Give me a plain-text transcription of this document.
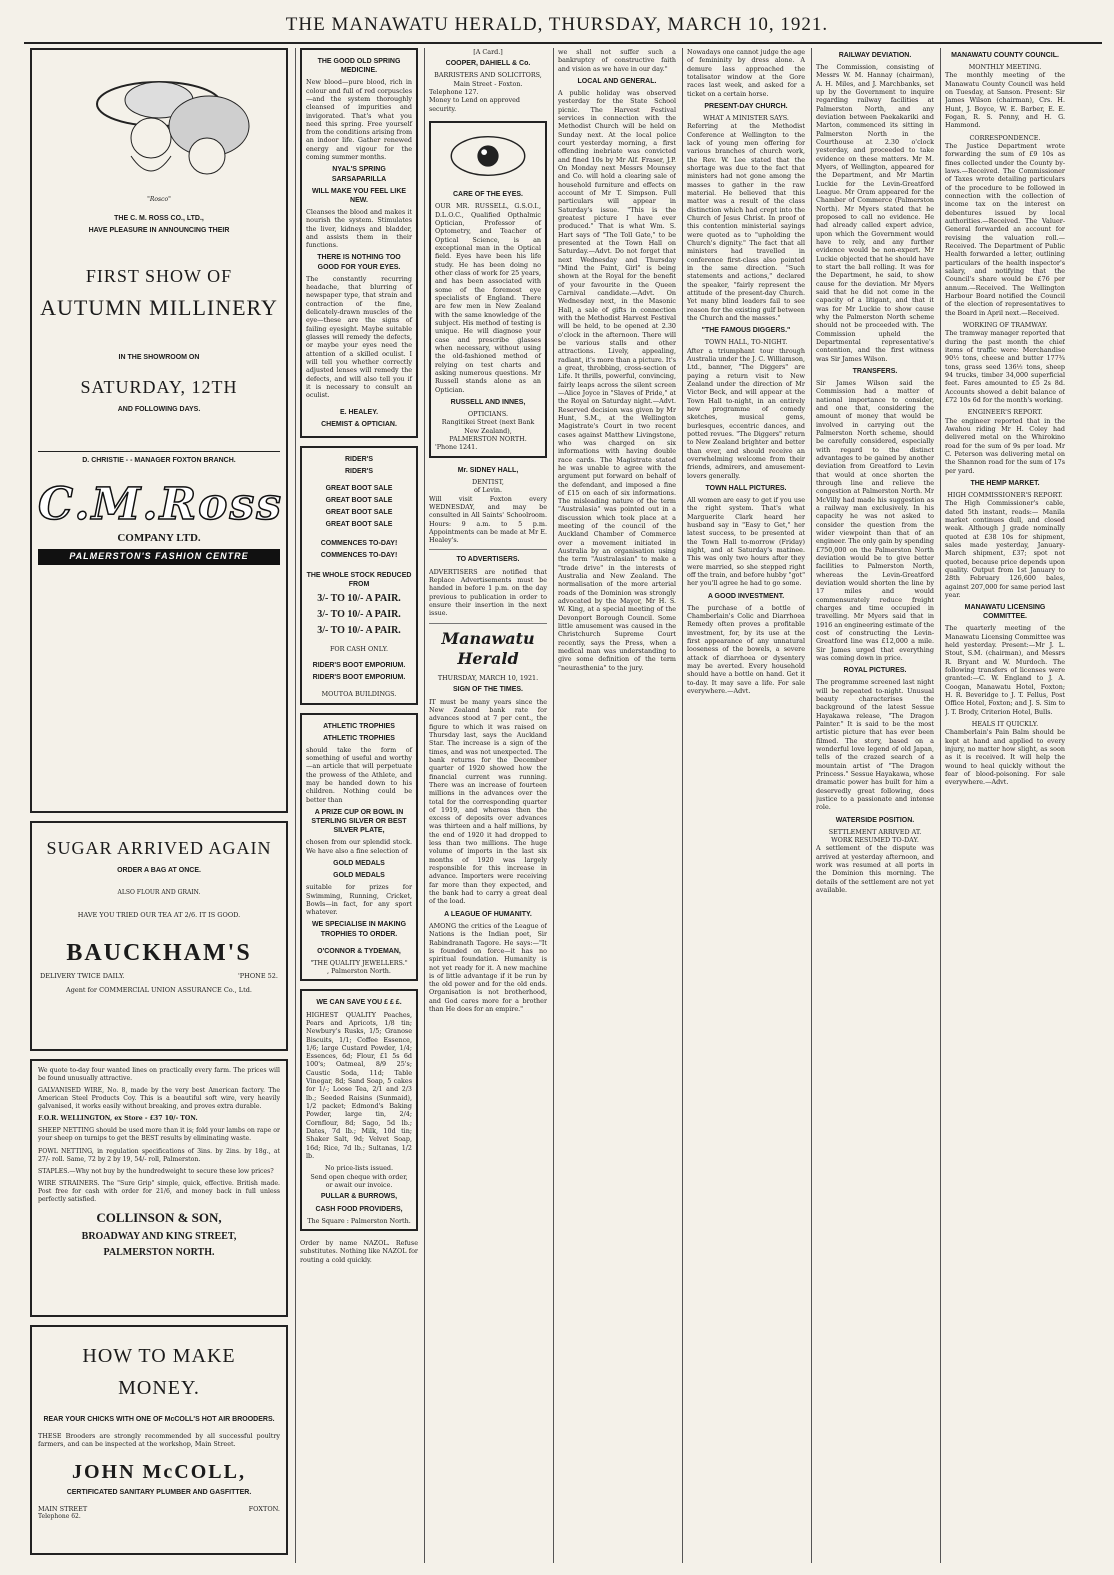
THE MANAWATU HERALD, THURSDAY, MARCH 10, 1921.
"Rosco"
THE C. M. ROSS CO., LTD.,
HAVE PLEASURE IN ANNOUNCING THEIR
FIRST SHOW OF
AUTUMN MILLINERY
IN THE SHOWROOM ON
SATURDAY, 12TH
AND FOLLOWING DAYS.
D. CHRISTIE - - MANAGER FOXTON BRANCH.
C.M.Ross
COMPANY LTD.
PALMERSTON'S FASHION CENTRE
SUGAR ARRIVED AGAIN
ORDER A BAG AT ONCE.
ALSO FLOUR AND GRAIN.
HAVE YOU TRIED OUR TEA AT 2/6. IT IS GOOD.
BAUCKHAM'S
DELIVERY TWICE DAILY.	'PHONE 52.
Agent for COMMERCIAL UNION ASSURANCE Co., Ltd.
We quote to-day four wanted lines on practically every farm. The prices will be found unusually attractive.
GALVANISED WIRE, No. 8, made by the very best American factory. The American Steel Products Coy. This is a beautiful soft wire, very heavily galvanised, it works easily without breaking, and proves extra durable.
F.O.R. WELLINGTON, ex Store - £37 10/- TON.
SHEEP NETTING should be used more than it is; fold your lambs on rape or your sheep on turnips to get the BEST results by eliminating waste.
FOWL NETTING, in regulation specifications of 3ins. by 2ins. by 18g., at 27/- roll. Same, 72 by 2 by 19, 54/- roll, Palmerston.
STAPLES.—Why not buy by the hundredweight to secure these low prices?
WIRE STRAINERS. The "Sure Grip" simple, quick, effective. British made. Post free for cash with order for 21/6, and money back in full unless perfectly satisfied.
COLLINSON & SON,
BROADWAY AND KING STREET,
PALMERSTON NORTH.
HOW TO MAKE
MONEY.
REAR YOUR CHICKS WITH ONE OF McCOLL'S HOT AIR BROODERS.
THESE Brooders are strongly recommended by all successful poultry farmers, and can be inspected at the workshop, Main Street.
JOHN McCOLL,
CERTIFICATED SANITARY PLUMBER AND GASFITTER.
MAIN STREET	FOXTON.
Telephone 62.
THE GOOD OLD SPRING MEDICINE.
New blood—pure blood, rich in colour and full of red corpuscles—and the system thoroughly cleansed of impurities and invigorated. That's what you need this spring. Free yourself from the conditions arising from an indoor life. Gather renewed energy and vigour for the coming summer months.
NYAL'S SPRING SARSAPARILLA
WILL MAKE YOU FEEL LIKE NEW.
Cleanses the blood and makes it nourish the system. Stimulates the liver, kidneys and bladder, and assists them in their functions.
THERE IS NOTHING TOO GOOD FOR YOUR EYES.
The constantly recurring headache, that blurring of newspaper type, that strain and contraction of the fine, delicately-drawn muscles of the eye—these are the signs of failing eyesight. Maybe suitable glasses will remedy the defects, or maybe your eyes need the attention of a skilled oculist. I will tell you whether correctly adjusted lenses will remedy the defects, and will also tell you if it is necessary to consult an oculist.
E. HEALEY.
CHEMIST & OPTICIAN.
RIDER'S
RIDER'S
GREAT BOOT SALE
GREAT BOOT SALE
GREAT BOOT SALE
GREAT BOOT SALE
COMMENCES TO-DAY!
COMMENCES TO-DAY!
THE WHOLE STOCK REDUCED FROM
3/- TO 10/- A PAIR.
3/- TO 10/- A PAIR.
3/- TO 10/- A PAIR.
FOR CASH ONLY.
RIDER'S BOOT EMPORIUM.
RIDER'S BOOT EMPORIUM.
MOUTOA BUILDINGS.
ATHLETIC TROPHIES
ATHLETIC TROPHIES
should take the form of something of useful and worthy—an article that will perpetuate the prowess of the Athlete, and may be handed down to his children. Nothing could be better than
A PRIZE CUP OR BOWL IN STERLING SILVER OR BEST SILVER PLATE,
chosen from our splendid stock. We have also a fine selection of
GOLD MEDALS
GOLD MEDALS
suitable for prizes for Swimming, Running, Cricket, Bowls—in fact, for any sport whatever.
WE SPECIALISE IN MAKING TROPHIES TO ORDER.
O'CONNOR & TYDEMAN,
"THE QUALITY JEWELLERS."
, Palmerston North.
WE CAN SAVE YOU £ £ £.
HIGHEST QUALITY Peaches, Pears and Apricots, 1/8 tin; Newbury's Rusks, 1/5; Granose Biscuits, 1/1; Coffee Essence, 1/6; large Custard Powder, 1/4; Essences, 6d; Flour, £1 5s 6d 100's; Oatmeal, 8/9 25's; Caustic Soda, 11d; Table Vinegar, 8d; Sand Soap, 5 cakes for 1/-; Loose Tea, 2/1 and 2/3 lb.; Seeded Raisins (Sunmaid), 1/2 packet; Edmond's Baking Powder, large tin, 2/4; Cornflour, 8d; Sago, 5d lb.; Dates, 7d lb.; Milk, 10d tin; Shaker Salt, 9d; Velvet Soap, 16d; Rice, 7d lb.; Sultanas, 1/2 lb.
No price-lists issued.
Send open cheque with order, or await our invoice.
PULLAR & BURROWS,
CASH FOOD PROVIDERS,
The Square : Palmerston North.
Order by name NAZOL. Refuse substitutes. Nothing like NAZOL for routing a cold quickly.
[A Card.]
COOPER, DAHIELL & Co.
BARRISTERS AND SOLICITORS,
Main Street - Foxton.
Telephone 127.
Money to Lend on approved security.
CARE OF THE EYES.
OUR MR. RUSSELL, G.S.O.I., D.L.O.C., Qualified Opthalmic Optician, Professor of Optometry, and Teacher of Optical Science, is an exceptional man in the Optical field. Eyes have been his life study. He has been doing no other class of work for 25 years, and has been associated with some of the foremost eye specialists of England. There are few men in New Zealand with the same knowledge of the subject. His method of testing is unique. He will diagnose your case and prescribe glasses when necessary, without using the old-fashioned method of relying on test charts and asking numerous questions. Mr Russell stands alone as an Optician.
RUSSELL AND INNES,
OPTICIANS.
Rangitikei Street (next Bank New Zealand),
PALMERSTON NORTH.
'Phone 1241.
Mr. SIDNEY HALL,
DENTIST,
of Levin.
Will visit Foxton every WEDNESDAY, and may be consulted in All Saints' Schoolroom. Hours: 9 a.m. to 5 p.m. Appointments can be made at Mr E. Healey's.
TO ADVERTISERS.
ADVERTISERS are notified that Replace Advertisements must be handed in before 1 p.m. on the day previous to publication in order to ensure their insertion in the next issue.
Manawatu Herald
THURSDAY, MARCH 10, 1921.
SIGN OF THE TIMES.
IT must be many years since the New Zealand bank rate for advances stood at 7 per cent., the figure to which it was raised on Thursday last, says the Auckland Star. The increase is a sign of the times, and was not unexpected. The bank returns for the December quarter of 1920 showed how the financial current was running. There was an increase of fourteen millions in the advances over the total for the corresponding quarter of 1919, and whereas then the excess of deposits over advances was thirteen and a half millions, by the end of 1920 it had dropped to less than two millions. The huge volume of imports in the last six months of 1920 was largely responsible for this increase in advance. Importers were receiving far more than they expected, and the bank had to carry a great deal of the load.
A LEAGUE OF HUMANITY.
AMONG the critics of the League of Nations is the Indian poet, Sir Rabindranath Tagore. He says:—"It is founded on force—it has no spiritual foundation. Humanity is not yet ready for it. A new machine is of little advantage if it be run by the old power and for the old ends. Organisation is not brotherhood, and God cares more for a brother than He does for an empire."
we shall not suffer such a bankruptcy of constructive faith and vision as we have in our day."
LOCAL AND GENERAL.
A public holiday was observed yesterday for the State School picnic. The Harvest Festival services in connection with the Methodist Church will be held on Sunday next. At the local police court yesterday morning, a first offending inebriate was convicted and fined 10s by Mr Alf. Fraser, J.P. On Monday next Messrs Mounsey and Co. will hold a clearing sale of household furniture and effects on account of Mr T. Simpson. Full particulars will appear in Saturday's issue. "This is the greatest picture I have ever produced." That is what Wm. S. Hart says of "The Toll Gate," to be presented at the Town Hall on Saturday.—Advt. Do not forget that next Wednesday and Thursday "Mind the Paint, Girl" is being shown at the Royal for the benefit of your favourite in the Queen Carnival candidate.—Advt. On Wednesday next, in the Masonic Hall, a sale of gifts in connection with the Methodist Harvest Festival will be held, to be opened at 2.30 o'clock in the afternoon. There will be various stalls and other attractions. Lively, appealing, radiant, it's more than a picture. It's a great, throbbing, cross-section of Life. It thrills, powerful, convincing, fairly leaps across the silent screen—Alice Joyce in "Slaves of Pride," at the Royal on Saturday night.—Advt. Reserved decision was given by Mr Hunt, S.M., at the Wellington Magistrate's Court in two recent cases against Matthew Livingstone, who was charged on six informations with having double race cards. The Magistrate stated he was unable to agree with the argument put forward on behalf of the defendant, and imposed a fine of £15 on each of six informations. The misleading nature of the term "Australasia" was pointed out in a discussion which took place at a meeting of the council of the Auckland Chamber of Commerce over a movement initiated in Australia by an organisation using the term "Australasian" to make a "trade drive" in the interests of Australia and New Zealand. The normalisation of the more arterial roads of the Dominion was strongly advocated by the Mayor, Mr H. S. W. King, at a special meeting of the Devonport Borough Council. Some little amusement was caused in the Christchurch Supreme Court recently, says the Press, when a medical man was understanding to give some definition of the term "neurasthenia" to the jury.
Nowadays one cannot judge the age of femininity by dress alone. A demure lass approached the totalisator window at the Gore races last week, and asked for a ticket on a certain horse.
PRESENT-DAY CHURCH.
WHAT A MINISTER SAYS.
Referring at the Methodist Conference at Wellington to the lack of young men offering for various branches of church work, the Rev. W. Lee stated that the shortage was due to the fact that ministers had not gone among the masses to gather in the raw material. He believed that this matter was a result of the class distinction which had crept into the Church of Jesus Christ. In proof of this contention ministerial sayings were quoted as to "upholding the Church's dignity." The fact that all ministers had travelled in conference first-class also pointed in the same direction. "Such statements and actions," declared the speaker, "fairly represent the attitude of the present-day Church. Yet many blind leaders fail to see reason for the existing gulf between the Church and the masses."
"THE FAMOUS DIGGERS."
TOWN HALL, TO-NIGHT.
After a triumphant tour through Australia under the J. C. Williamson, Ltd., banner, "The Diggers" are paying a return visit to New Zealand under the direction of Mr Victor Beck, and will appear at the Town Hall to-night, in an entirely new programme of comedy sketches, musical gems, burlesques, eccentric dances, and potted revues. "The Diggers" return to New Zealand brighter and better than ever, and should receive an overwhelming welcome from their friends, admirers, and amusement-lovers generally.
TOWN HALL PICTURES.
All women are easy to get if you use the right system. That's what Marguerite Clark heard her husband say in "Easy to Get," her latest success, to be presented at the Town Hall to-morrow (Friday) night, and at Saturday's matinee. This was only two hours after they were married, so she stepped right off the train, and before hubby "got" her you'll agree he had to go some.
A GOOD INVESTMENT.
The purchase of a bottle of Chamberlain's Colic and Diarrhoea Remedy often proves a profitable investment, for, by its use at the first appearance of any unnatural looseness of the bowels, a severe attack of diarrhoea or dysentery may be averted. Every household should have a bottle on hand. Get it to-day. It may save a life. For sale everywhere.—Advt.
RAILWAY DEVIATION.
The Commission, consisting of Messrs W. M. Hannay (chairman), A. H. Miles, and J. Marchbanks, set up by the Government to inquire regarding railway facilities at Palmerston North, and any deviation between Paekakariki and Marton, commenced its sitting in Palmerston North in the Courthouse at 2.30 o'clock yesterday, and proceeded to take evidence on these matters. Mr M. Myers, of Wellington, appeared for the Department, and Mr Martin Luckie for the Levin-Greatford League. Mr Oram appeared for the Chamber of Commerce (Palmerston North). Mr Myers stated that he proposed to call no evidence. He had already called expert advice, upon which the Government would have to rely, and any further evidence would be non-expert. Mr Luckie objected that he should have to start the ball rolling. It was for the Department, he said, to show cause for the deviation. Mr Myers said that he did not come in the capacity of a litigant, and that it was for Mr Luckie to show cause why the Palmerston North scheme should not be proceeded with. The Commission upheld the Departmental representative's contention, and the first witness was Sir James Wilson.
TRANSFERS.
Sir James Wilson said the Commission had a matter of national importance to consider, and one that, considering the amount of money that would be involved in carrying out the Palmerston North scheme, should be carefully considered, especially with regard to the distinct advantages to be gained by another deviation from Greatford to Levin that would at once shorten the through line and relieve the congestion at Palmerston North. Mr McVilly had made his suggestion as a railway man exclusively. In his capacity he was not asked to consider the question from the wider viewpoint than that of an engineer. The only gain by spending £750,000 on the Palmerston North deviation would be to give better facilities to Palmerston North, whereas the Levin-Greatford deviation would shorten the line by 17 miles and would commensurately reduce freight charges and time occupied in travelling. Mr Myers said that in 1916 an engineering estimate of the cost of constructing the Levin-Greatford line was £12,000 a mile. Sir James urged that everything was coming down in price.
ROYAL PICTURES.
The programme screened last night will be repeated to-night. Unusual beauty characterises the background of the latest Sessue Hayakawa release, "The Dragon Painter." It is said to be the most artistic picture that has ever been filmed. The story, based on a wonderful love legend of old Japan, tells of the crazed search of a mountain artist of "The Dragon Princess." Sessue Hayakawa, whose dramatic power has built for him a deservedly great following, does justice to a passionate and intense role.
WATERSIDE POSITION.
SETTLEMENT ARRIVED AT.
WORK RESUMED TO-DAY.
A settlement of the dispute was arrived at yesterday afternoon, and work was resumed at all ports in the Dominion this morning. The details of the settlement are not yet available.
MANAWATU COUNTY COUNCIL.
MONTHLY MEETING.
The monthly meeting of the Manawatu County Council was held on Tuesday, at Sanson. Present: Sir James Wilson (chairman), Crs. H. Hunt, J. Boyce, W. E. Barber, E. E. Fogan, R. S. Penny, and H. G. Hammond.
CORRESPONDENCE.
The Justice Department wrote forwarding the sum of £9 10s as fines collected under the County by-laws.—Received. The Commissioner of Taxes wrote detailing particulars of the procedure to be followed in connection with the collection of income tax on the interest on debentures issued by local authorities.—Received. The Valuer-General forwarded an account for revising the valuation roll.—Received. The Department of Public Health forwarded a letter, outlining particulars of the health inspector's salary, and notifying that the Council's share would be £76 per annum.—Received. The Wellington Harbour Board notified the Council of the election of representatives to the Board in April next.—Received.
WORKING OF TRAMWAY.
The tramway manager reported that during the past month the chief items of traffic were: Merchandise 90½ tons, cheese and butter 177¾ tons, grass seed 136½ tons, sheep 94 trucks, timber 34,000 superficial feet. Fares amounted to £5 2s 8d. Accounts showed a debit balance of £72 10s 6d for the month's working.
ENGINEER'S REPORT.
The engineer reported that in the Awahou riding Mr H. Coley had delivered metal on the Whirokino road for the sum of 9s per load. Mr C. Peterson was delivering metal on the Shannon road for the sum of 17s per yard.
THE HEMP MARKET.
HIGH COMMISSIONER'S REPORT.
The High Commissioner's cable, dated 5th instant, reads:— Manila market continues dull, and closed weak. Although J grade nominally quoted at £38 10s for shipment, sales made yesterday, January-March shipment, £37; spot not quoted, because price depends upon quality. Output from 1st January to 28th February 126,600 bales, against 207,000 for same period last year.
MANAWATU LICENSING COMMITTEE.
The quarterly meeting of the Manawatu Licensing Committee was held yesterday. Present:—Mr J. L. Stout, S.M. (chairman), and Messrs R. Bryant and W. Murdoch. The following transfers of licenses were granted:—C. W. England to J. A. Coogan, Manawatu Hotel, Foxton; H. R. Beveridge to J. T. Fellus, Post Office Hotel, Foxton; and J. S. Sim to J. T. Brody, Criterion Hotel, Bulls.
HEALS IT QUICKLY.
Chamberlain's Pain Balm should be kept at hand and applied to every injury, no matter how slight, as soon as it is received. It will help the wound to heal quickly without the fear of blood-poisoning. For sale everywhere.—Advt.
